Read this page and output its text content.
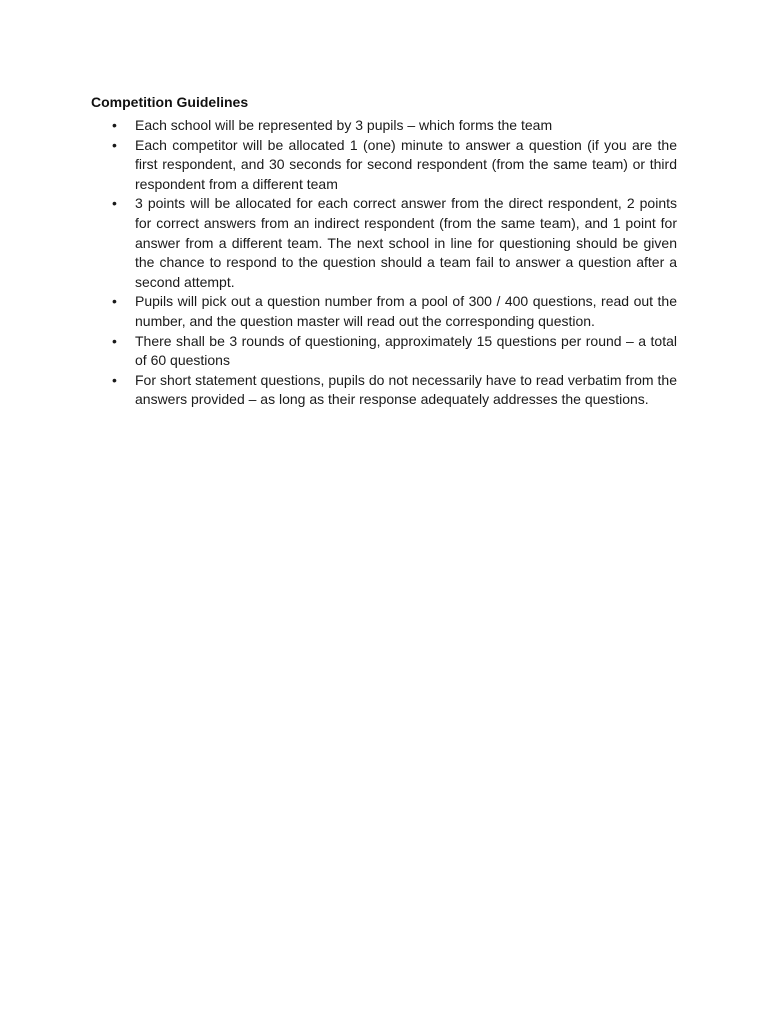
Competition Guidelines
•	Each school will be represented by 3 pupils – which forms the team
•	Each competitor will be allocated 1 (one) minute to answer a question (if you are the first respondent, and 30 seconds for second respondent (from the same team) or third respondent from a different team
•	3 points will be allocated for each correct answer from the direct respondent, 2 points for correct answers from an indirect respondent (from the same team), and 1 point for answer from a different team. The next school in line for questioning should be given the chance to respond to the question should a team fail to answer a question after a second attempt.
•	Pupils will pick out a question number from a pool of 300 / 400 questions, read out the number, and the question master will read out the corresponding question.
•	There shall be 3 rounds of questioning, approximately 15 questions per round – a total of 60 questions
•	For short statement questions, pupils do not necessarily have to read verbatim from the answers provided – as long as their response adequately addresses the questions.
